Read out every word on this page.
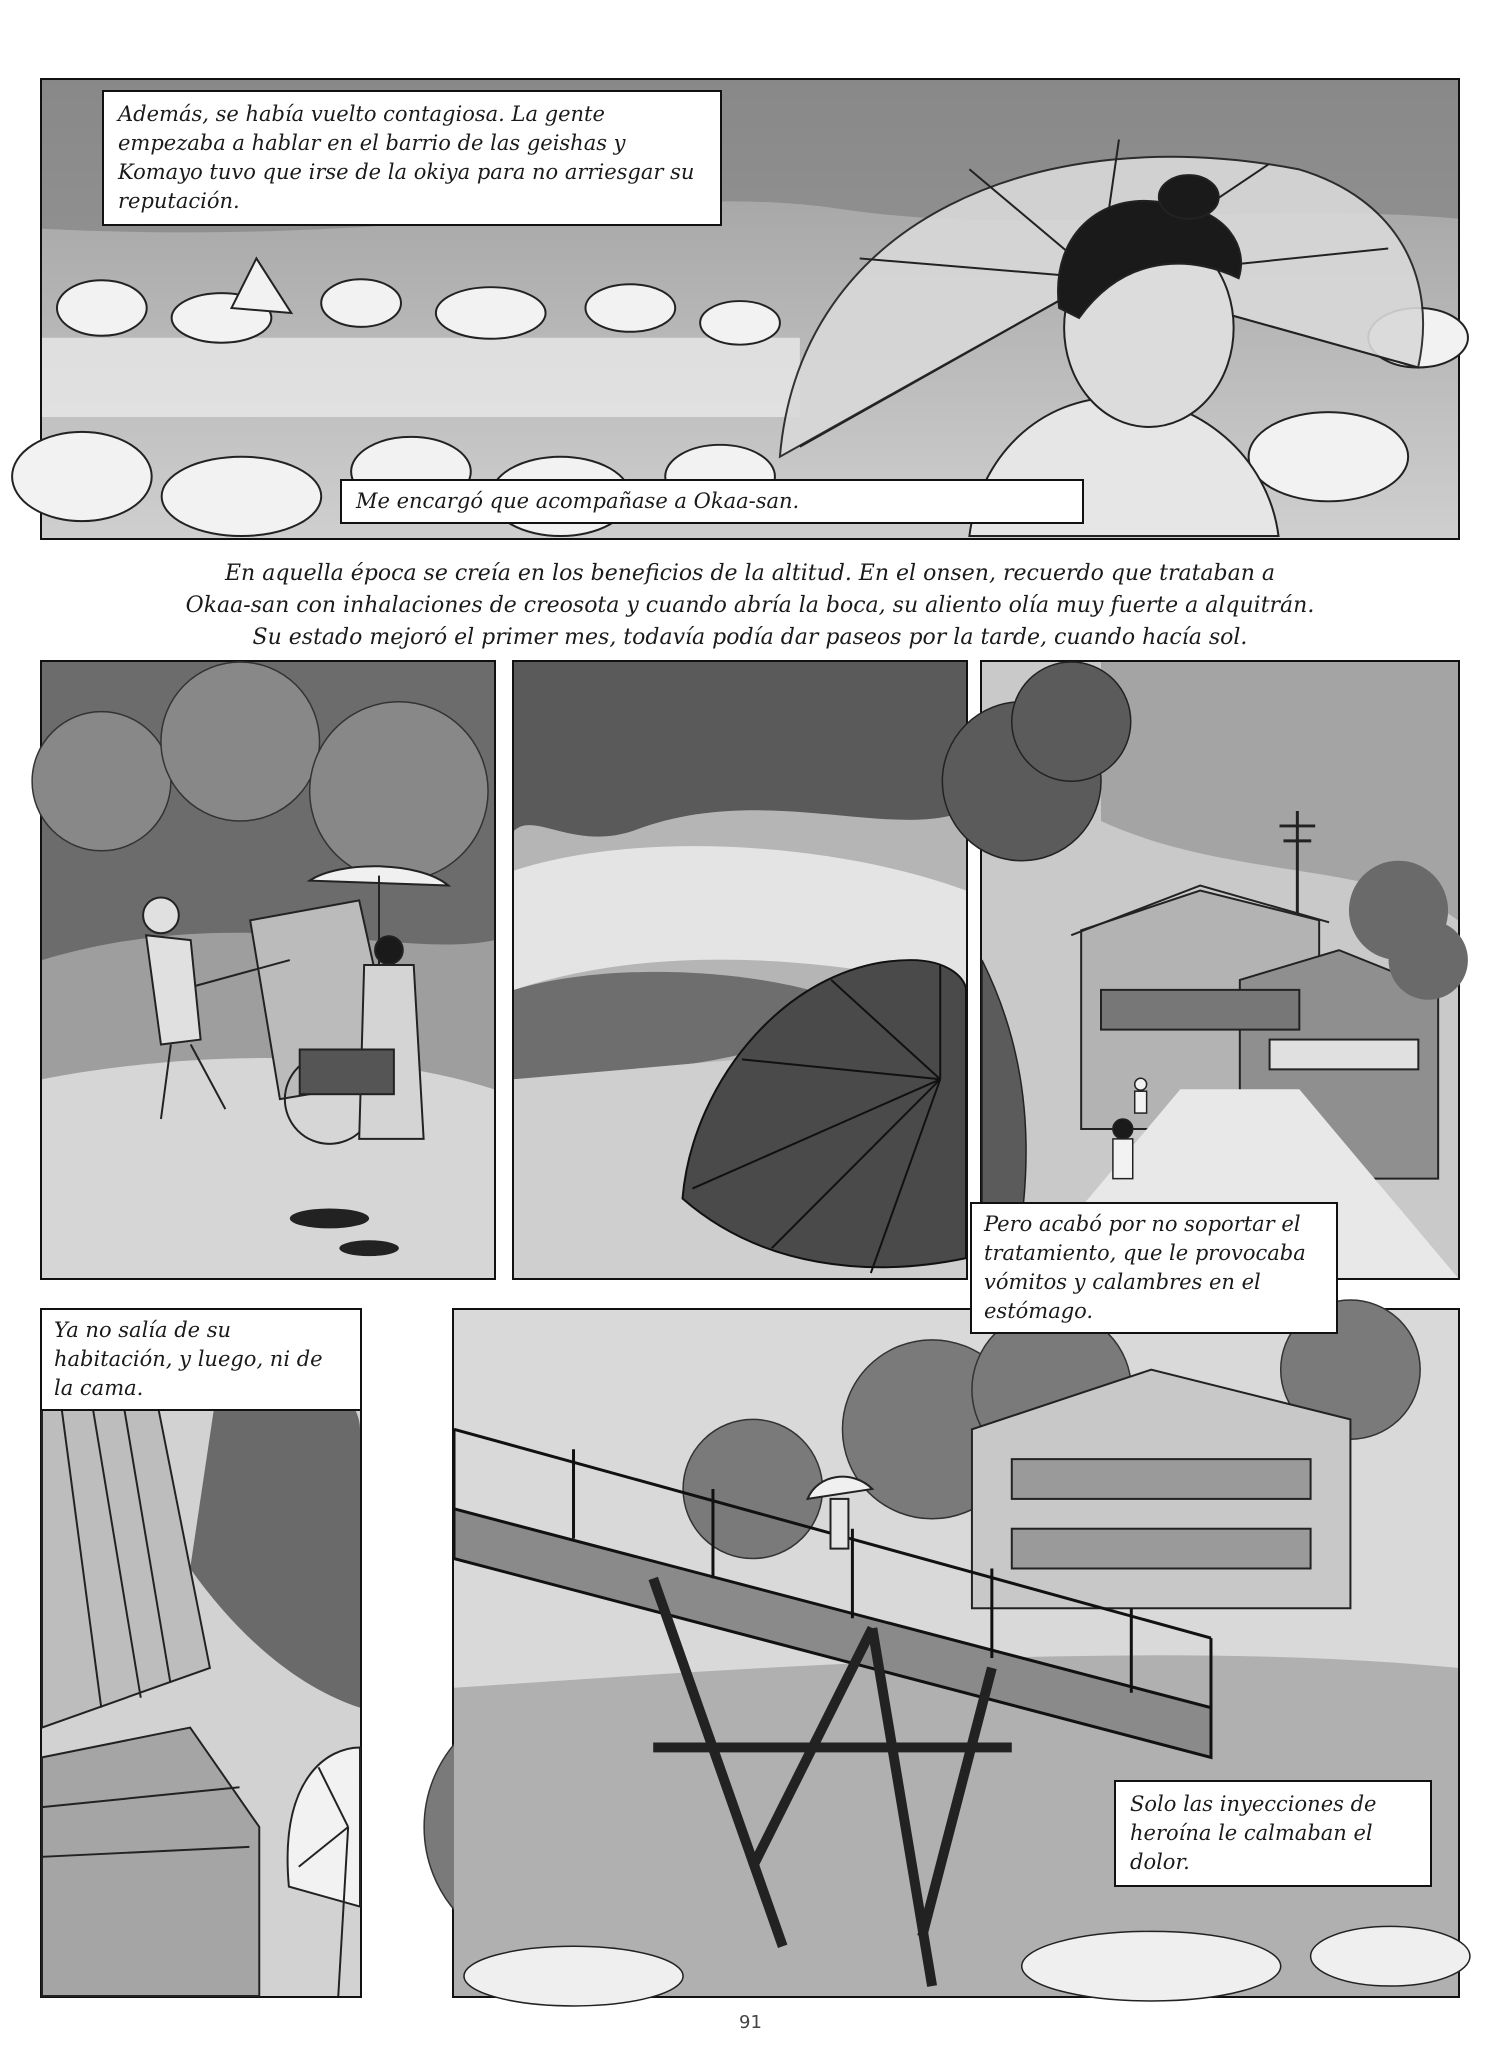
Además, se había vuelto contagiosa. La gente empezaba a hablar en el barrio de las geishas y Komayo tuvo que irse de la okiya para no arriesgar su reputación.
Me encargó que acompañase a Okaa-san.
En aquella época se creía en los beneficios de la altitud. En el onsen, recuerdo que trataban a
Okaa-san con inhalaciones de creosota y cuando abría la boca, su aliento olía muy fuerte a alquitrán.
Su estado mejoró el primer mes, todavía podía dar paseos por la tarde, cuando hacía sol.
Pero acabó por no soportar el tratamiento, que le provocaba vómitos y calambres en el estómago.
Ya no salía de su habitación, y luego, ni de la cama.
Solo las inyecciones de heroína le calmaban el dolor.
91
